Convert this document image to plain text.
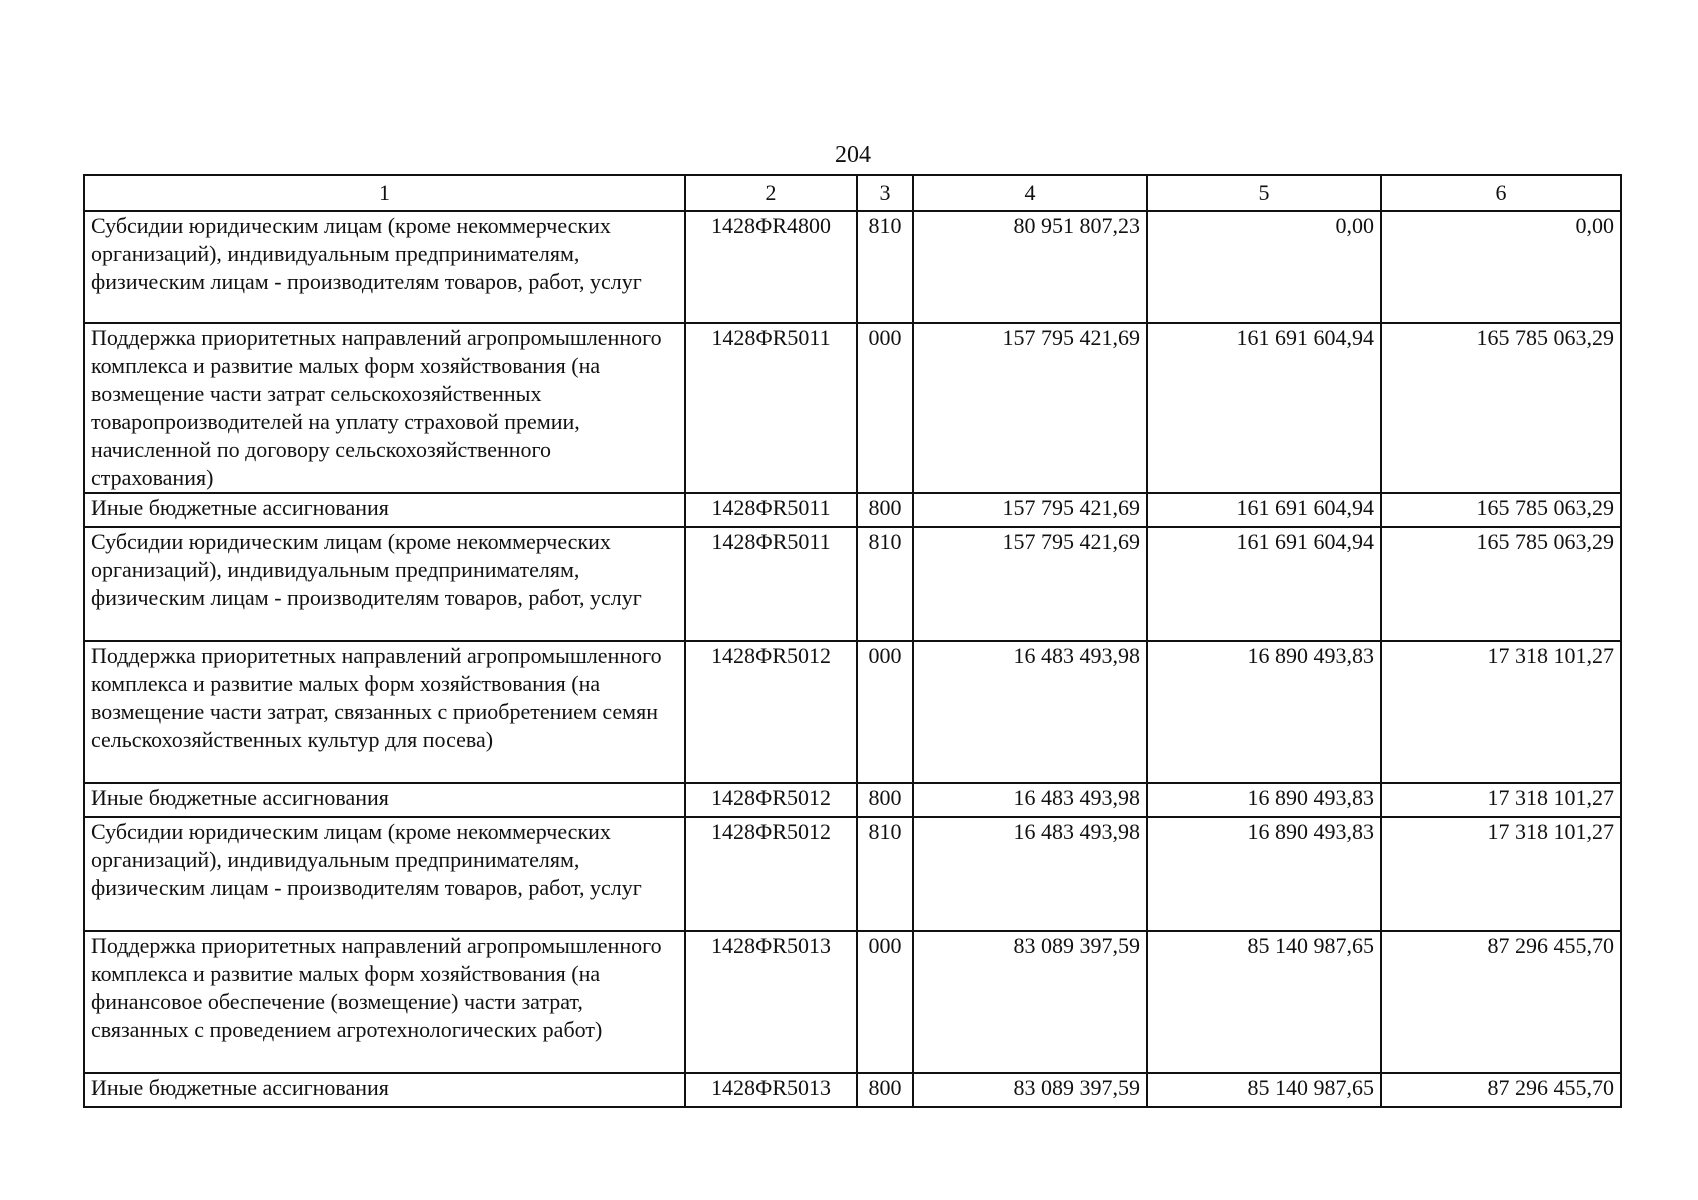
204
1	2	3	4	5	6
Субсидии юридическим лицам (кроме некоммерческих организаций), индивидуальным предпринимателям, физическим лицам - производителям товаров, работ, услуг	1428ФR4800	810	80 951 807,23	0,00	0,00
Поддержка приоритетных направлений агропромышленного комплекса и развитие малых форм хозяйствования (на возмещение части затрат сельскохозяйственных товаропроизводителей на уплату страховой премии, начисленной по договору сельскохозяйственного страхования)	1428ФR5011	000	157 795 421,69	161 691 604,94	165 785 063,29
Иные бюджетные ассигнования	1428ФR5011	800	157 795 421,69	161 691 604,94	165 785 063,29
Субсидии юридическим лицам (кроме некоммерческих организаций), индивидуальным предпринимателям, физическим лицам - производителям товаров, работ, услуг	1428ФR5011	810	157 795 421,69	161 691 604,94	165 785 063,29
Поддержка приоритетных направлений агропромышленного комплекса и развитие малых форм хозяйствования (на возмещение части затрат, связанных с приобретением семян сельскохозяйственных культур для посева)	1428ФR5012	000	16 483 493,98	16 890 493,83	17 318 101,27
Иные бюджетные ассигнования	1428ФR5012	800	16 483 493,98	16 890 493,83	17 318 101,27
Субсидии юридическим лицам (кроме некоммерческих организаций), индивидуальным предпринимателям, физическим лицам - производителям товаров, работ, услуг	1428ФR5012	810	16 483 493,98	16 890 493,83	17 318 101,27
Поддержка приоритетных направлений агропромышленного комплекса и развитие малых форм хозяйствования (на финансовое обеспечение (возмещение) части затрат, связанных с проведением агротехнологических работ)	1428ФR5013	000	83 089 397,59	85 140 987,65	87 296 455,70
Иные бюджетные ассигнования	1428ФR5013	800	83 089 397,59	85 140 987,65	87 296 455,70
